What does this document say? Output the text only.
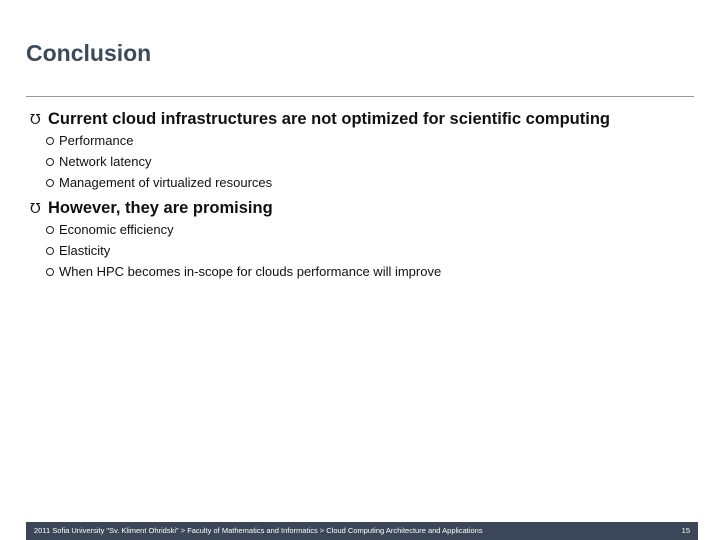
Conclusion
℧ Current cloud infrastructures are not optimized for scientific computing
Performance
Network latency
Management of virtualized resources
℧ However, they are promising
Economic efficiency
Elasticity
When HPC becomes in-scope for clouds performance will improve
2011 Sofia University "Sv. Kliment Ohridski" > Faculty of Mathematics and Informatics > Cloud Computing Architecture and Applications	15
